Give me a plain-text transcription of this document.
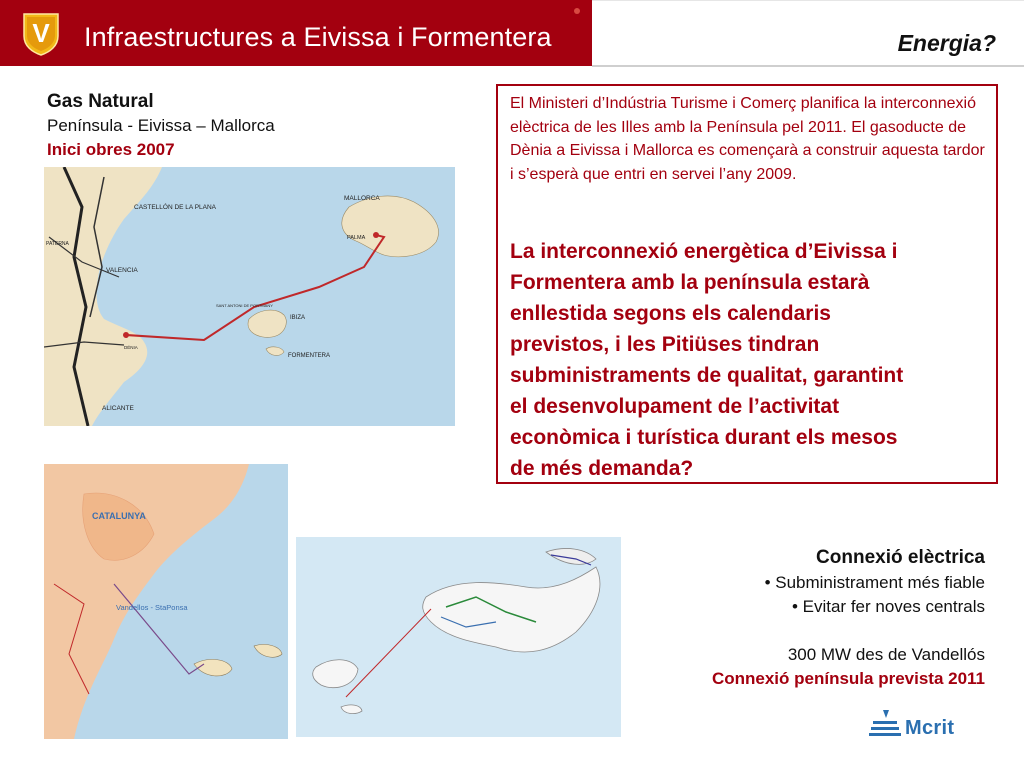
V Infraestructures a Eivissa i Formentera	Energia?
Gas Natural
Península - Eivissa – Mallorca
Inici obres 2007
CASTELLÓN DE LA PLANA
VALENCIA
ALICANTE
MALLORCA
PALMA
IBIZA
FORMENTERA
SANT ANTONI DE PORTMANY
PATERNA
DÉNIA
El Ministeri d’Indústria Turisme i Comerç planifica la interconnexió elèctrica de les Illes amb la Península pel 2011. El gasoducte de Dènia a Eivissa i Mallorca es començarà a construir aquesta tardor i s’esperà que entri en servei l’any 2009.
La interconnexió energètica d’Eivissa i
Formentera amb la península estarà
enllestida segons els calendaris
previstos, i les Pitiüses tindran
subministraments de qualitat, garantint
el desenvolupament de l’activitat
econòmica i turística durant els mesos
de més demanda?
CATALUNYA
Vandellos - StaPonsa
Connexió elèctrica
• Subministrament més fiable
• Evitar fer noves centrals
300 MW des de Vandellós
Connexió península prevista 2011
Mcrit
